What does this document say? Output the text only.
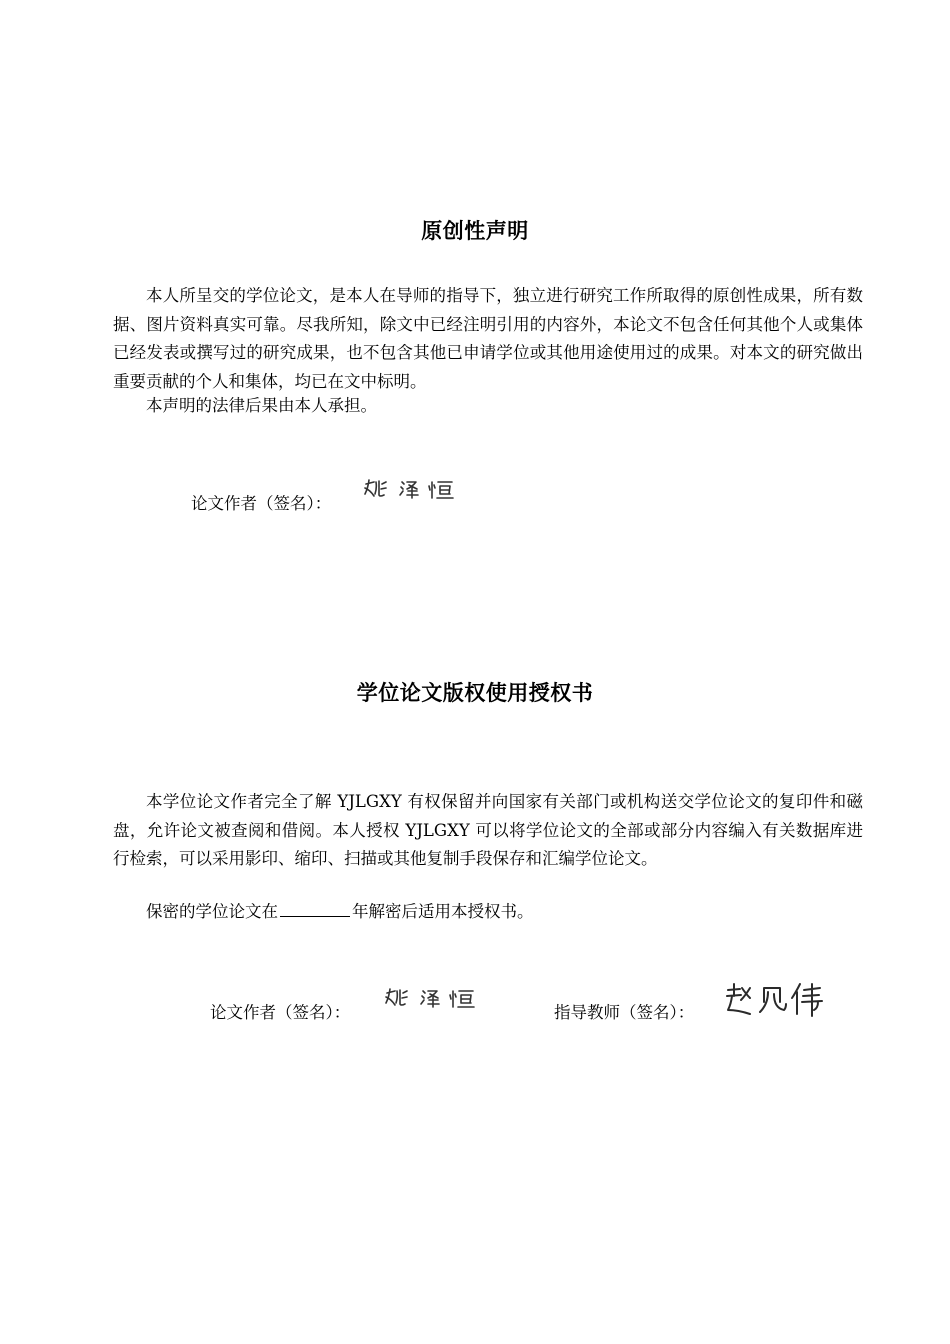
原创性声明
本人所呈交的学位论文，是本人在导师的指导下，独立进行研究工作所取得的原创性成果，所有数据、图片资料真实可靠。尽我所知，除文中已经注明引用的内容外，本论文不包含任何其他个人或集体已经发表或撰写过的研究成果，也不包含其他已申请学位或其他用途使用过的成果。对本文的研究做出重要贡献的个人和集体，均已在文中标明。
本声明的法律后果由本人承担。
论文作者（签名）：
学位论文版权使用授权书
本学位论文作者完全了解 YJLGXY 有权保留并向国家有关部门或机构送交学位论文的复印件和磁盘，允许论文被查阅和借阅。本人授权 YJLGXY 可以将学位论文的全部或部分内容编入有关数据库进行检索，可以采用影印、缩印、扫描或其他复制手段保存和汇编学位论文。
保密的学位论文在	年解密后适用本授权书。
论文作者（签名）：	指导教师（签名）：
